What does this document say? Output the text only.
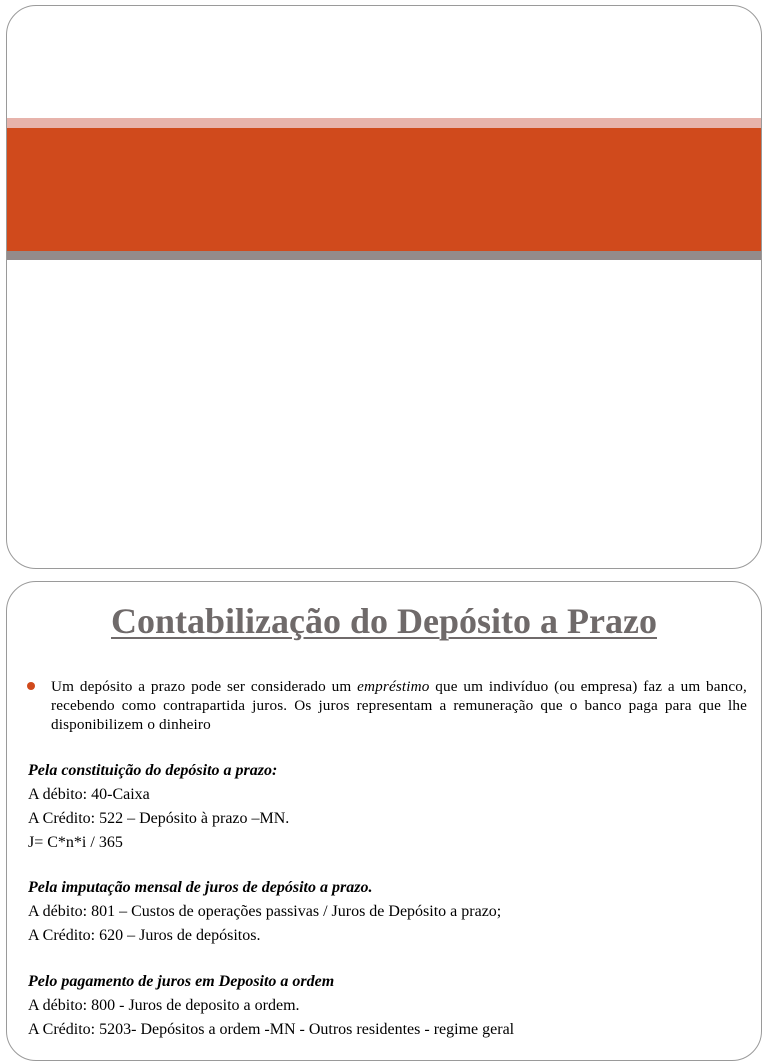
Contabilização do Depósito a Prazo
Um depósito a prazo pode ser considerado um empréstimo que um indivíduo (ou empresa) faz a um banco, recebendo como contrapartida juros. Os juros representam a remuneração que o banco paga para que lhe disponibilizem o dinheiro
Pela constituição do depósito a prazo:
A débito: 40-Caixa
A Crédito: 522 – Depósito à prazo –MN.
J= C*n*i / 365
Pela imputação mensal de juros de depósito a prazo.
A débito: 801 – Custos de operações passivas / Juros de Depósito a prazo;
A Crédito: 620 – Juros de depósitos.
Pelo pagamento de juros em Deposito a ordem
A débito: 800 - Juros de deposito a ordem.
A Crédito: 5203- Depósitos a ordem -MN - Outros residentes - regime geral
